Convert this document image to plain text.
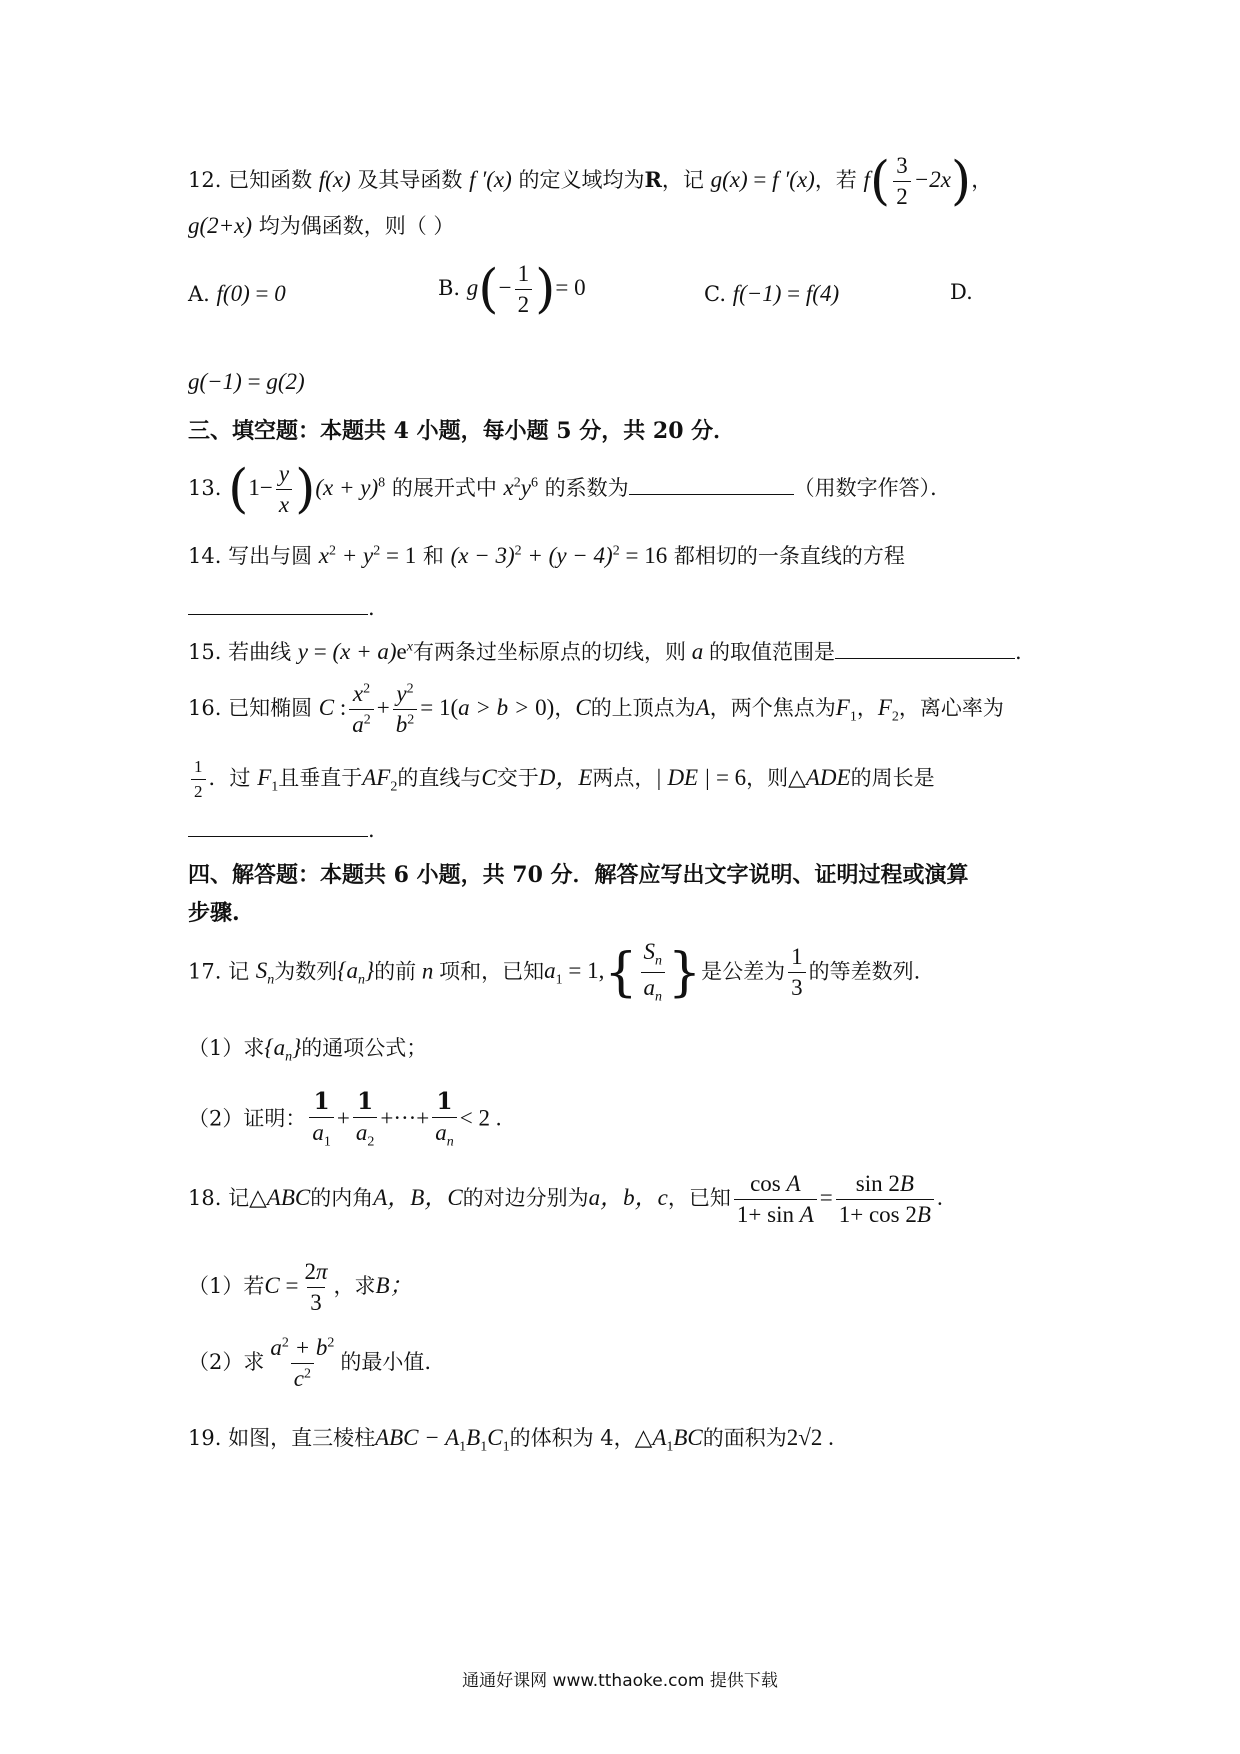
12. 已知函数 f(x) 及其导函数 f ′(x) 的定义域均为R，记 g(x) = f ′(x)，若 $f( \frac{3}{2} -2x)$，
g(2+x) 均为偶函数，则（ ）
A. f(0) = 0	B. $g(- \frac{1}{2}$ )= 0	C. f(−1) = f(4)	D.
g(−1) = g(2)
三、填空题：本题共 4 小题，每小题 5 分，共 20 分．
13. $(1- \frac{y}{x} )(x + y)^8$ 的展开式中 $x^2y^6$ 的系数为	（用数字作答）．
14. 写出与圆 $x^2 + y^2 = 1$ 和 $(x - 3)^2 + (y - 4)^2 = 16$ 都相切的一条直线的方程
.
15. 若曲线 $y = (x + a)e^x$有两条过坐标原点的切线，则 a 的取值范围是	.
16. 已知椭圆 C : $\frac{x^2}{a^2} + \frac{y^2}{b^2} = 1(a > b > 0)$，C的上顶点为A，两个焦点为$F_1$，$F_2$，离心率为
$\frac{1}{2}$ ．过 $F_1$且垂直于$AF_2$的直线与C交于D，E两点，| DE | = 6，则△ADE的周长是
.
四、解答题：本题共 6 小题，共 70 分．解答应写出文字说明、证明过程或演算
步骤.
17. 记 $S_n$为数列$\{a_n\}$的前 n 项和，已知$a_1 = 1,\{ \frac{S_n}{a_n}$ }是公差为 $\frac{1}{3}$ 的等差数列.
（1）求$\{a_n\}$的通项公式；
（2）证明： $\frac{1}{a_1} + \frac{1}{a_2}$ +···+ $\frac{1}{a_n} < 2$ .
18. 记△ABC的内角A，B，C的对边分别为a，b，c，已知 $\frac{\text{cos A}}{\text{1+ sin A}} = \frac{\sin 2B}{1+ \cos 2B}$ .
（1）若$C = \frac{2\pi}{3}$ ，求B；
（2）求 $\frac{a^2 + b^2}{c^2}$ 的最小值.
19. 如图，直三棱柱ABC − $A_1B_1C_1$的体积为 4，$\triangle A_1BC$的面积为2√2 .
通通好课网 www.tthaoke.com 提供下载
